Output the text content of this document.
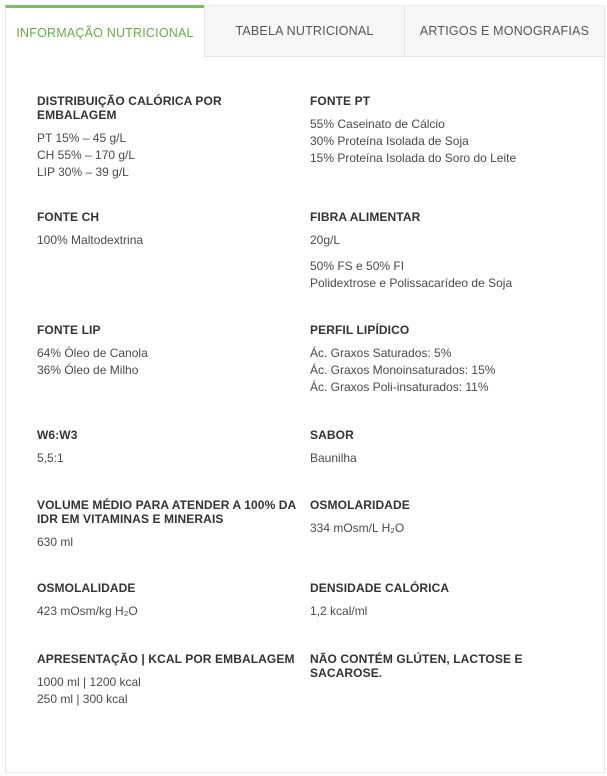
INFORMAÇÃO NUTRICIONAL	TABELA NUTRICIONAL	ARTIGOS E MONOGRAFIAS
DISTRIBUIÇÃO CALÓRICA POR EMBALAGEM
PT 15% – 45 g/L
CH 55% – 170 g/L
LIP 30% – 39 g/L
FONTE PT
55% Caseinato de Cálcio
30% Proteína Isolada de Soja
15% Proteína Isolada do Soro do Leite
FONTE CH
100% Maltodextrina
FIBRA ALIMENTAR
20g/L
50% FS e 50% FI
Polidextrose e Polissacarídeo de Soja
FONTE LIP
64% Óleo de Canola
36% Óleo de Milho
PERFIL LIPÍDICO
Ác. Graxos Saturados: 5%
Ác. Graxos Monoinsaturados: 15%
Ác. Graxos Poli-insaturados: 11%
W6:W3
5,5:1
SABOR
Baunilha
VOLUME MÉDIO PARA ATENDER A 100% DA IDR EM VITAMINAS E MINERAIS
630 ml
OSMOLARIDADE
334 mOsm/L H₂O
OSMOLALIDADE
423 mOsm/kg H₂O
DENSIDADE CALÓRICA
1,2 kcal/ml
APRESENTAÇÃO | KCAL POR EMBALAGEM
1000 ml | 1200 kcal
250 ml | 300 kcal
NÃO CONTÉM GLÚTEN, LACTOSE E SACAROSE.
